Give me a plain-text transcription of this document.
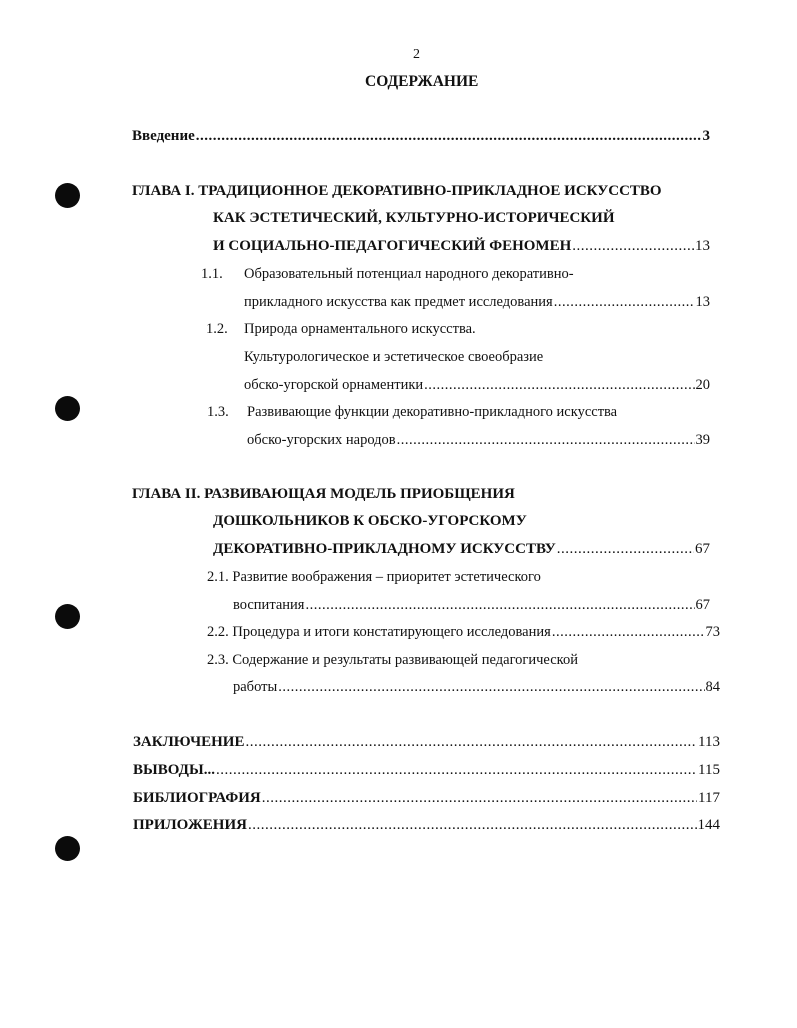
2
СОДЕРЖАНИЕ
Введение .....	3
ГЛАВА I. ТРАДИЦИОННОЕ ДЕКОРАТИВНО-ПРИКЛАДНОЕ ИСКУССТВО
КАК ЭСТЕТИЧЕСКИЙ, КУЛЬТУРНО-ИСТОРИЧЕСКИЙ
И СОЦИАЛЬНО-ПЕДАГОГИЧЕСКИЙ ФЕНОМЕН .....	13
1.1. Образовательный потенциал народного декоративно-
прикладного искусства как предмет исследования .....	13
1.2. Природа орнаментального искусства.
Культурологическое и эстетическое своеобразие
обско-угорской орнаментики .....	20
1.3. Развивающие функции декоративно-прикладного искусства
обско-угорских народов .....	39
ГЛАВА II. РАЗВИВАЮЩАЯ МОДЕЛЬ ПРИОБЩЕНИЯ
ДОШКОЛЬНИКОВ К ОБСКО-УГОРСКОМУ
ДЕКОРАТИВНО-ПРИКЛАДНОМУ ИСКУССТВУ .....	67
2.1. Развитие воображения – приоритет эстетического
воспитания .....	67
2.2. Процедура и итоги констатирующего исследования .....	73
2.3. Содержание и результаты развивающей педагогической
работы .....	84
ЗАКЛЮЧЕНИЕ .....	113
ВЫВОДЫ... .....	115
БИБЛИОГРАФИЯ .....	117
ПРИЛОЖЕНИЯ .....	144
